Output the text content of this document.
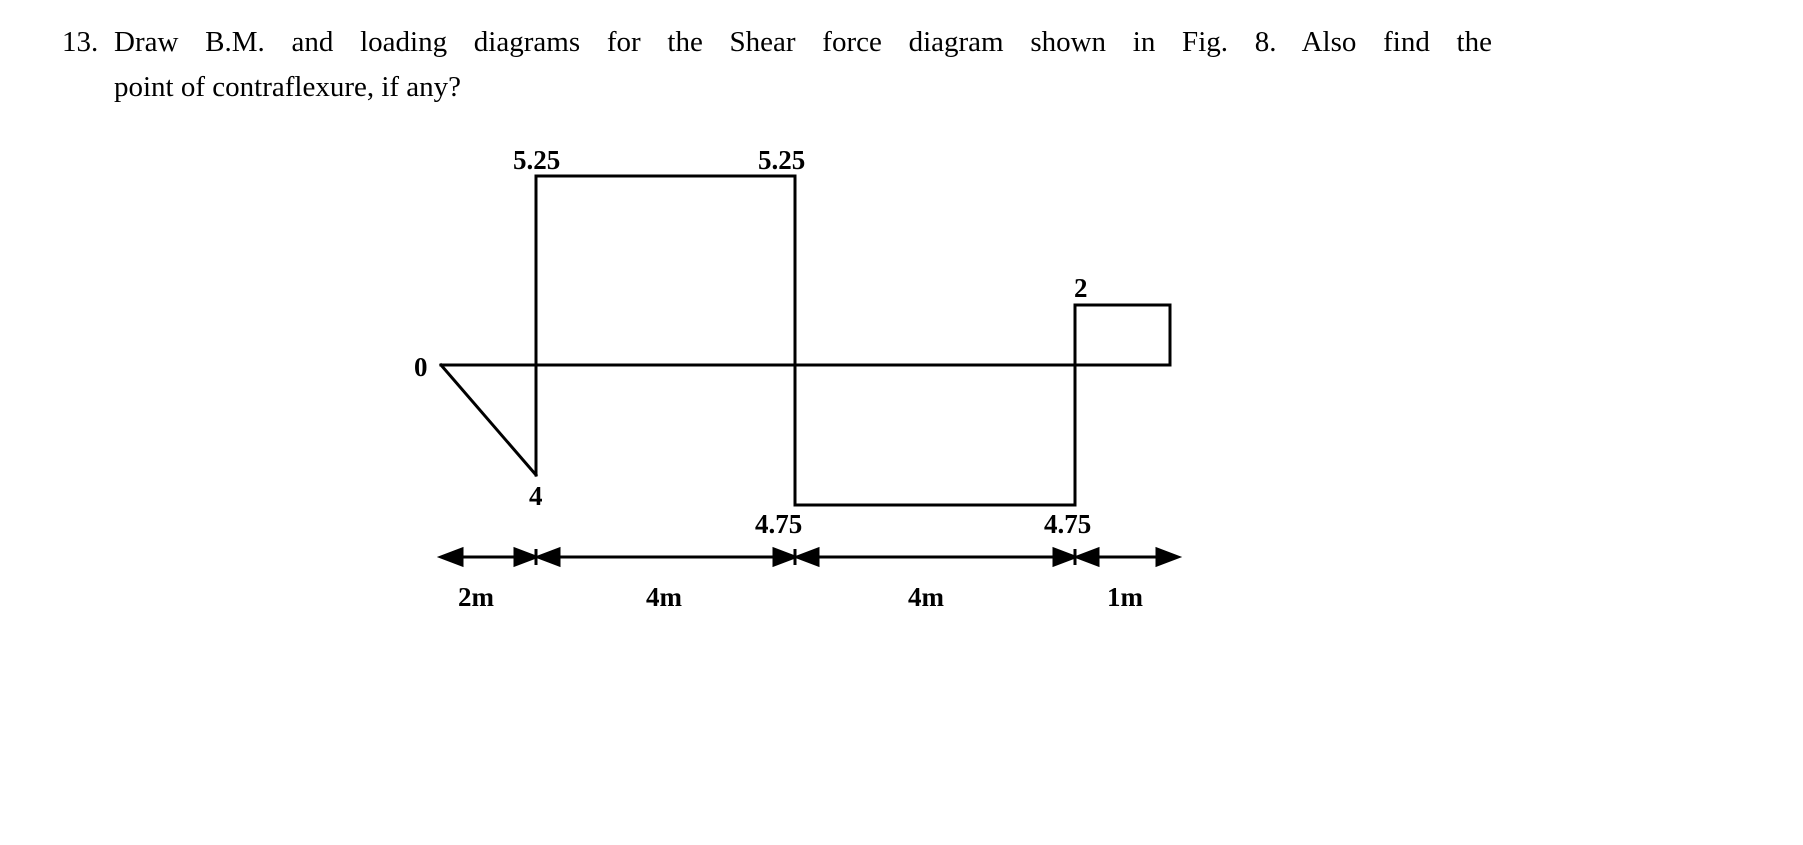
13. Draw B.M. and loading diagrams for the Shear force diagram shown in Fig. 8. Also find the
point of contraflexure, if any?
0
5.25	5.25
4
4.75	4.75
2
2m	4m	4m	1m
